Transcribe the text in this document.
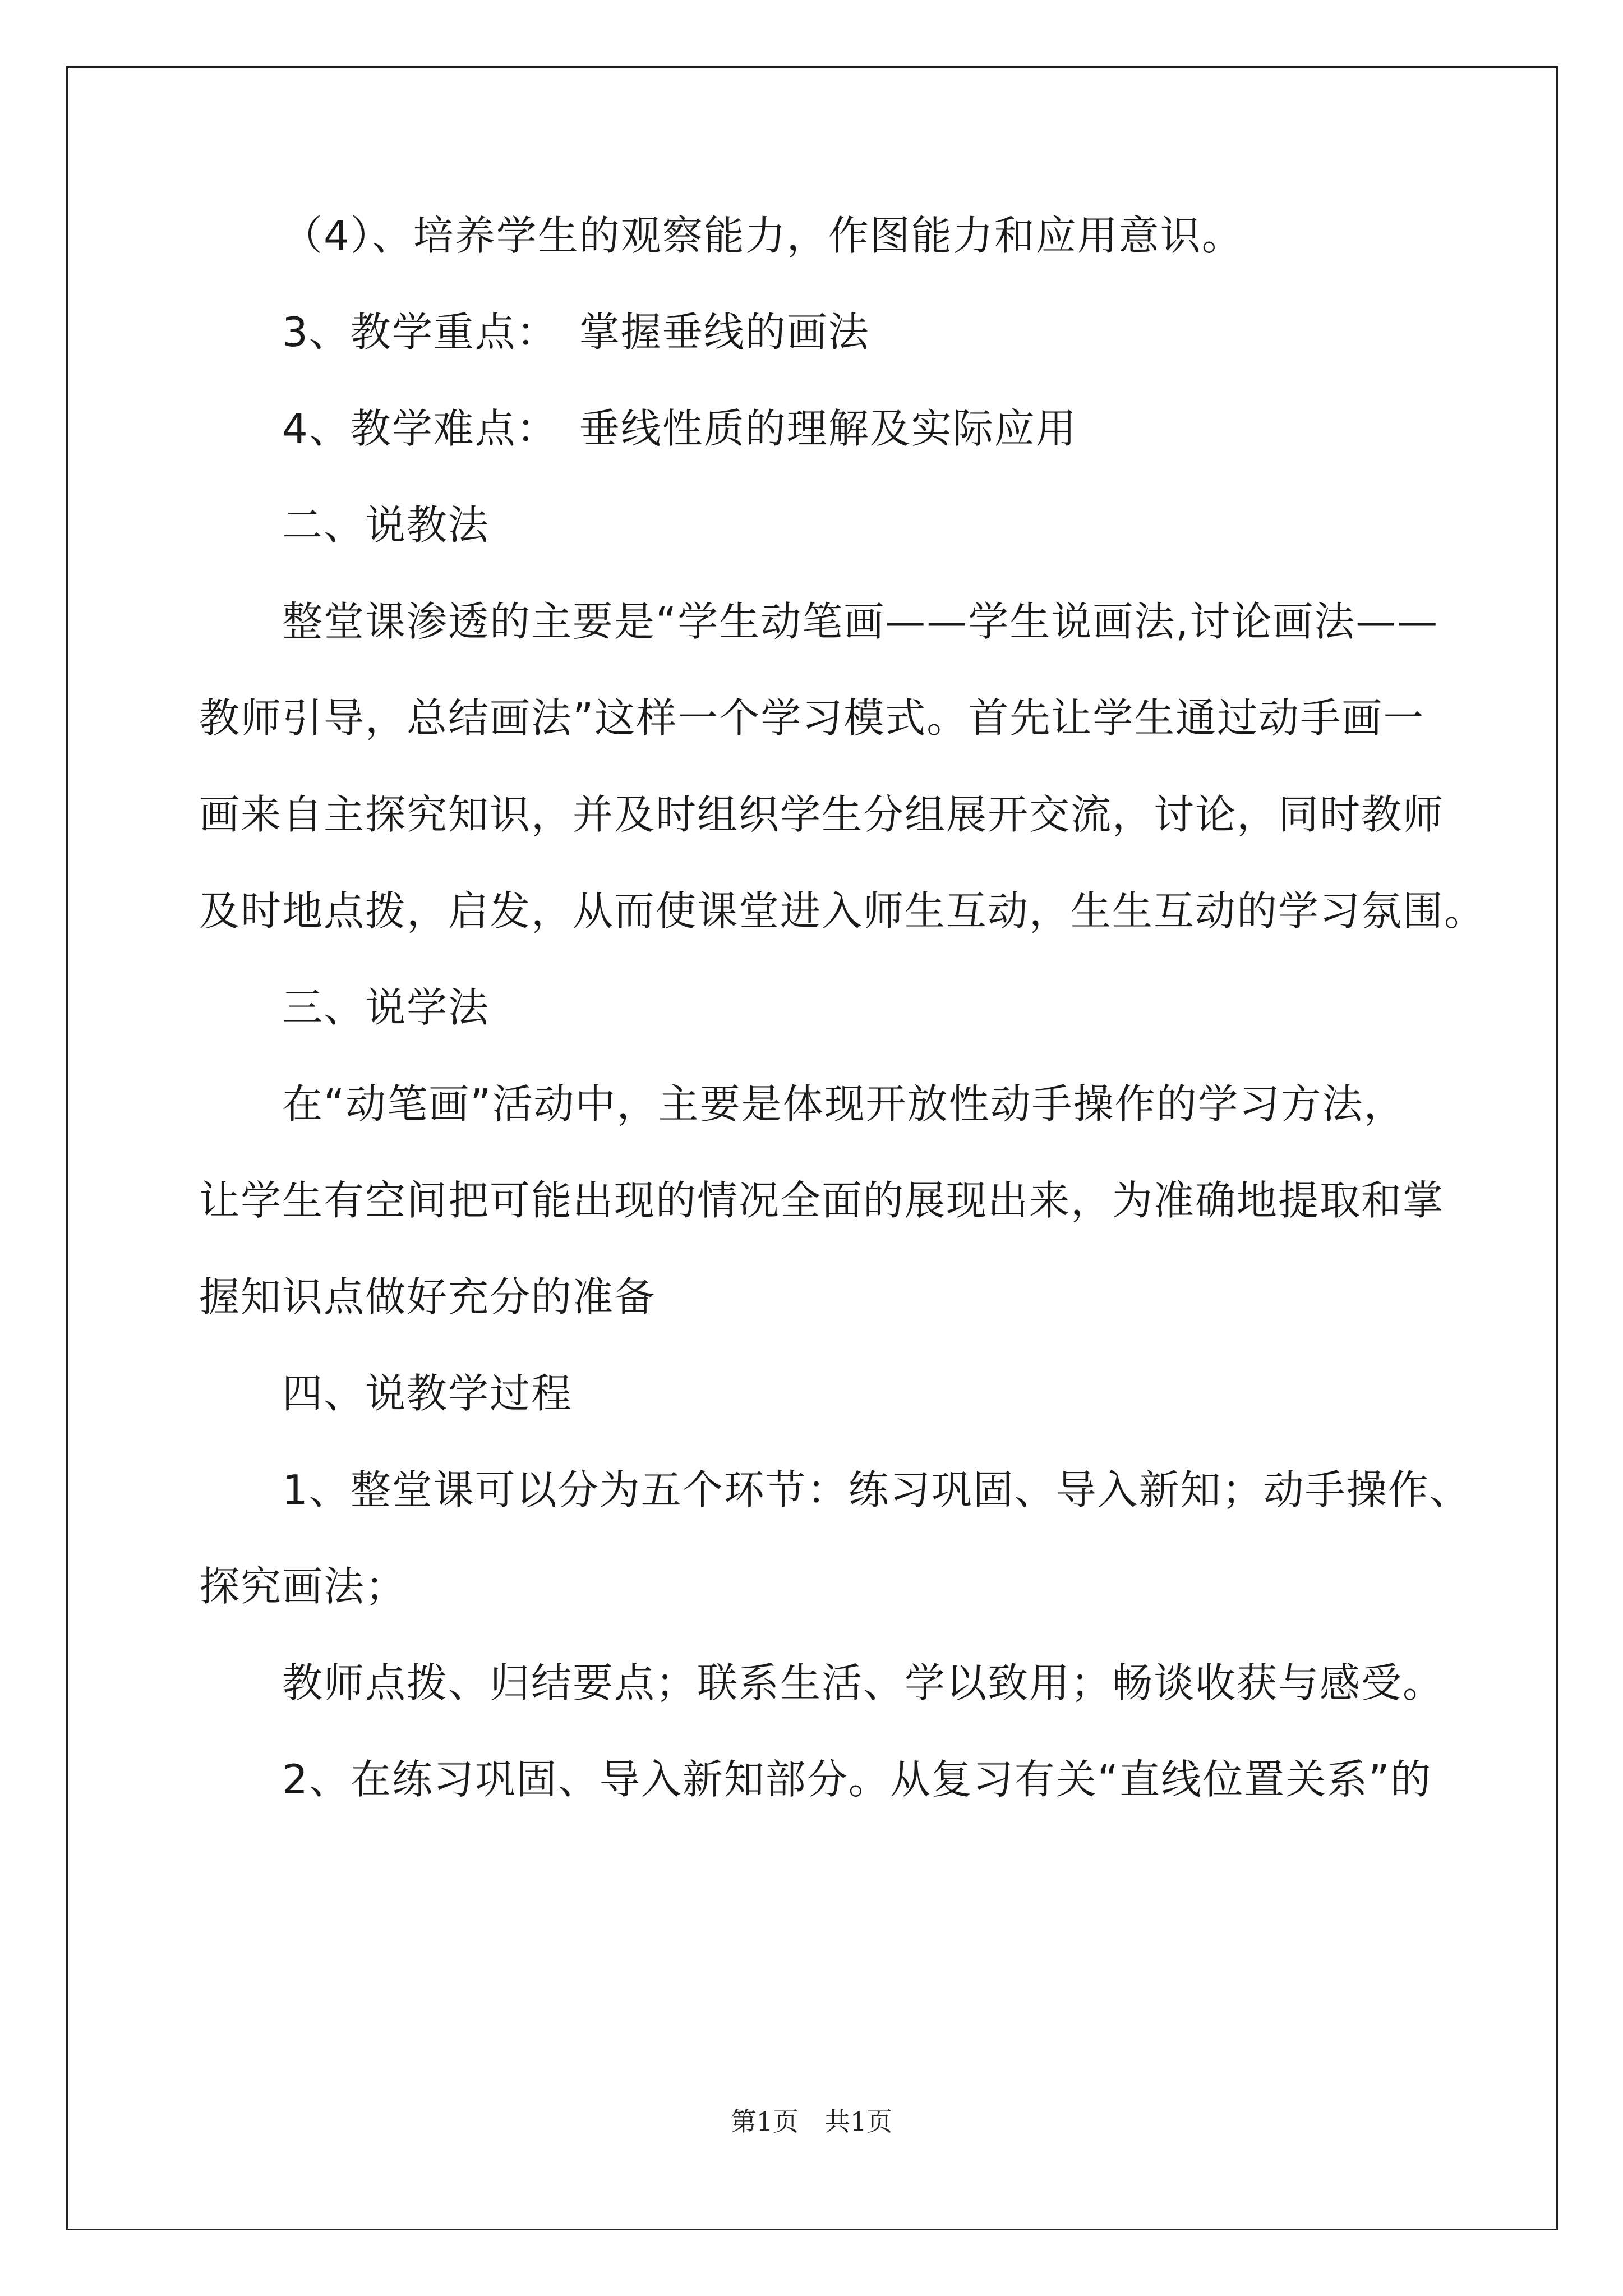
（4）、培养学生的观察能力，作图能力和应用意识。
3、教学重点：　掌握垂线的画法
4、教学难点：　垂线性质的理解及实际应用
二、说教法
整堂课渗透的主要是“学生动笔画——学生说画法,讨论画法——
教师引导，总结画法”这样一个学习模式。首先让学生通过动手画一
画来自主探究知识，并及时组织学生分组展开交流，讨论，同时教师
及时地点拨，启发，从而使课堂进入师生互动，生生互动的学习氛围。
三、说学法
在“动笔画”活动中，主要是体现开放性动手操作的学习方法，
让学生有空间把可能出现的情况全面的展现出来，为准确地提取和掌
握知识点做好充分的准备
四、说教学过程
1、整堂课可以分为五个环节：练习巩固、导入新知；动手操作、
探究画法；
教师点拨、归结要点；联系生活、学以致用；畅谈收获与感受。
2、在练习巩固、导入新知部分。从复习有关“直线位置关系”的
第1页　共1页
